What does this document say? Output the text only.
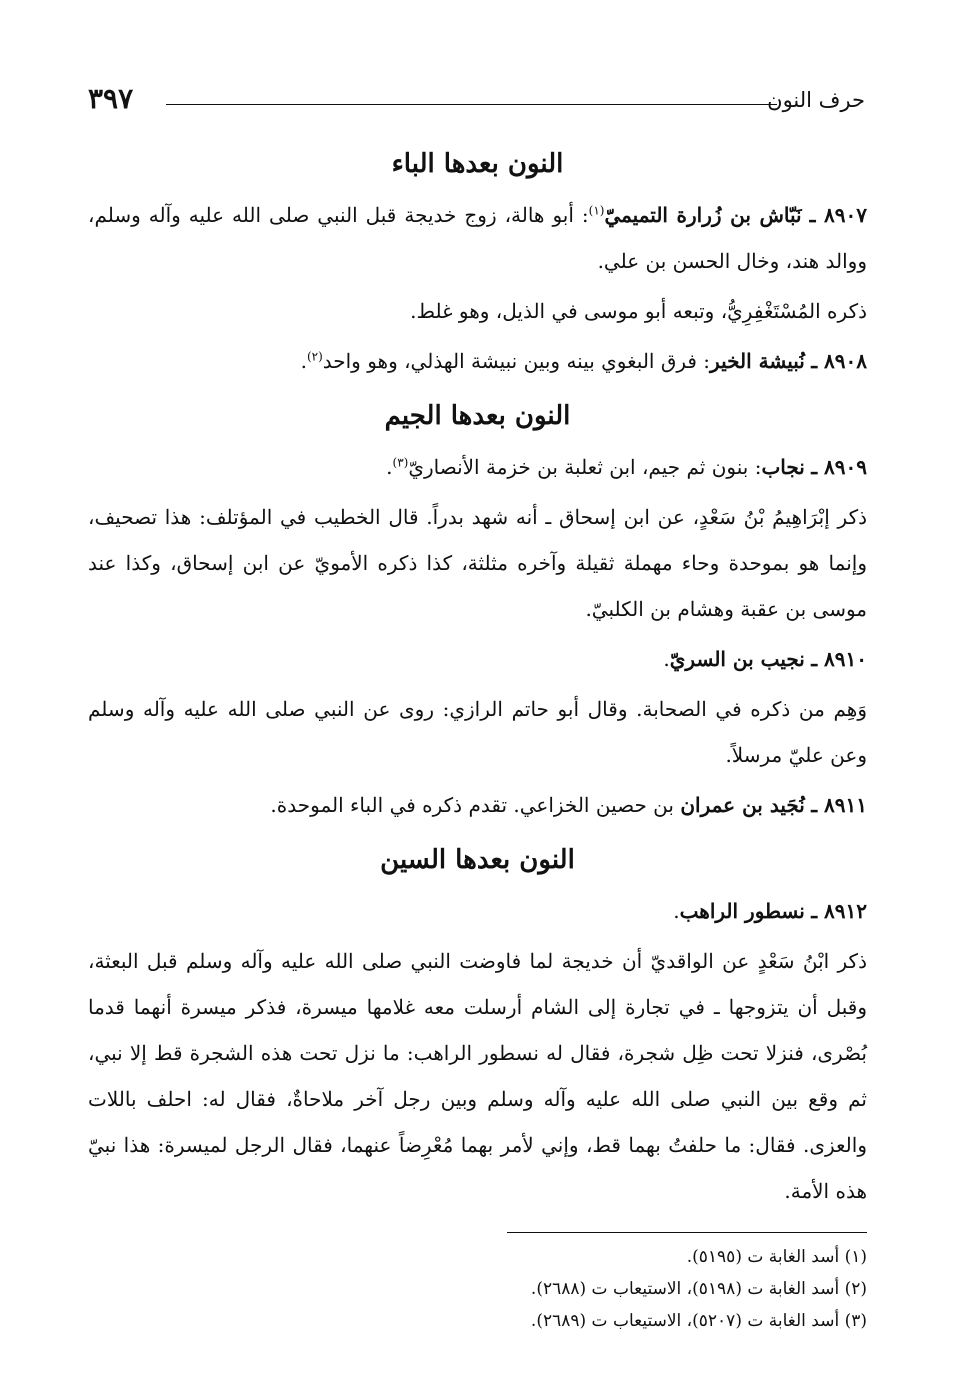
حرف النون
٣٩٧
النون بعدها الباء

٨٩٠٧ ـ نَبّاش بن زُرارة التميميّ$^{(١)}$: أبو هالة، زوج خديجة قبل النبي صلى الله عليه وآله وسلم، ووالد هند، وخال الحسن بن علي.

ذكره المُسْتَغْفِرِيُّ، وتبعه أبو موسى في الذيل، وهو غلط.

٨٩٠٨ ـ نُبيشة الخير: فرق البغوي بينه وبين نبيشة الهذلي، وهو واحد$^{(٢)}$.

النون بعدها الجيم

٨٩٠٩ ـ نجاب: بنون ثم جيم، ابن ثعلبة بن خزمة الأنصاريّ$^{(٣)}$.

ذكر إبْرَاهِيمُ بْنُ سَعْدٍ، عن ابن إسحاق ـ أنه شهد بدراً. قال الخطيب في المؤتلف: هذا تصحيف، وإنما هو بموحدة وحاء مهملة ثقيلة وآخره مثلثة، كذا ذكره الأمويّ عن ابن إسحاق، وكذا عند موسى بن عقبة وهشام بن الكلبيّ.

٨٩١٠ ـ نجيب بن السريّ.

وَهِم من ذكره في الصحابة. وقال أبو حاتم الرازي: روى عن النبي صلى الله عليه وآله وسلم وعن عليّ مرسلاً.

٨٩١١ ـ نُجَيد بن عمران بن حصين الخزاعي. تقدم ذكره في الباء الموحدة.

النون بعدها السين

٨٩١٢ ـ نسطور الراهب.

ذكر ابْنُ سَعْدٍ عن الواقديّ أن خديجة لما فاوضت النبي صلى الله عليه وآله وسلم قبل البعثة، وقبل أن يتزوجها ـ في تجارة إلى الشام أرسلت معه غلامها ميسرة، فذكر ميسرة أنهما قدما بُصْرى، فنزلا تحت ظِل شجرة، فقال له نسطور الراهب: ما نزل تحت هذه الشجرة قط إلا نبي، ثم وقع بين النبي صلى الله عليه وآله وسلم وبين رجل آخر ملاحاةٌ، فقال له: احلف باللات والعزى. فقال: ما حلفتُ بهما قط، وإني لأمر بهما مُعْرِضاً عنهما، فقال الرجل لميسرة: هذا نبيّ هذه الأمة.

(١) أسد الغابة ت (٥١٩٥).

(٢) أسد الغابة ت (٥١٩٨)، الاستيعاب ت (٢٦٨٨).

(٣) أسد الغابة ت (٥٢٠٧)، الاستيعاب ت (٢٦٨٩).
